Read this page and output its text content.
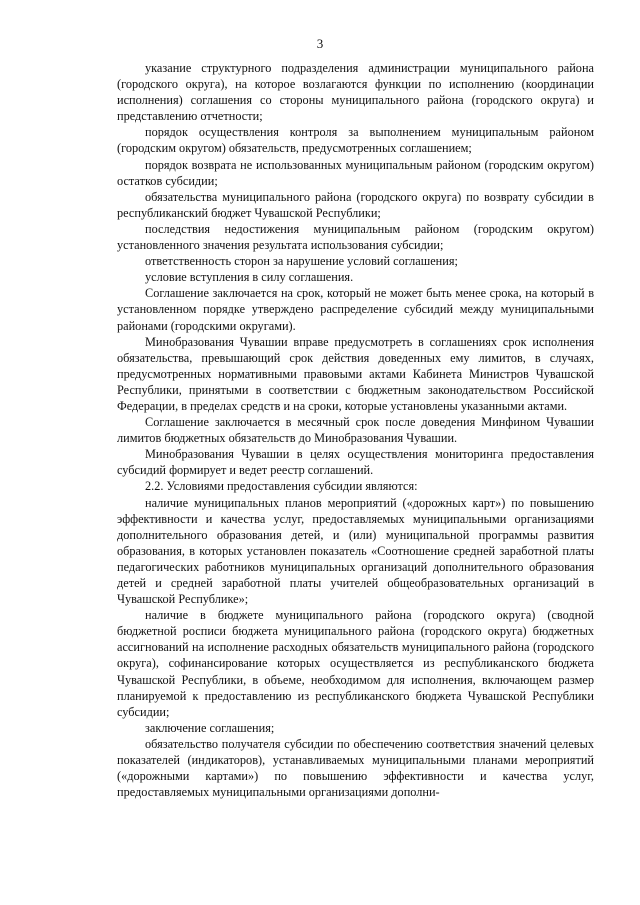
3

указание структурного подразделения администрации муниципального района (городского округа), на которое возлагаются функции по исполнению (координации исполнения) соглашения со стороны муниципального района (городского округа) и представлению отчетности;

порядок осуществления контроля за выполнением муниципальным районом (городским округом) обязательств, предусмотренных соглашением;

порядок возврата не использованных муниципальным районом (городским округом) остатков субсидии;

обязательства муниципального района (городского округа) по возврату субсидии в республиканский бюджет Чувашской Республики;

последствия недостижения муниципальным районом (городским округом) установленного значения результата использования субсидии;

ответственность сторон за нарушение условий соглашения;

условие вступления в силу соглашения.

Соглашение заключается на срок, который не может быть менее срока, на который в установленном порядке утверждено распределение субсидий между муниципальными районами (городскими округами).

Минобразования Чувашии вправе предусмотреть в соглашениях срок исполнения обязательства, превышающий срок действия доведенных ему лимитов, в случаях, предусмотренных нормативными правовыми актами Кабинета Министров Чувашской Республики, принятыми в соответствии с бюджетным законодательством Российской Федерации, в пределах средств и на сроки, которые установлены указанными актами.

Соглашение заключается в месячный срок после доведения Минфином Чувашии лимитов бюджетных обязательств до Минобразования Чувашии.

Минобразования Чувашии в целях осуществления мониторинга предоставления субсидий формирует и ведет реестр соглашений.

2.2. Условиями предоставления субсидии являются:

наличие муниципальных планов мероприятий («дорожных карт») по повышению эффективности и качества услуг, предоставляемых муниципальными организациями дополнительного образования детей, и (или) муниципальной программы развития образования, в которых установлен показатель «Соотношение средней заработной платы педагогических работников муниципальных организаций дополнительного образования детей и средней заработной платы учителей общеобразовательных организаций в Чувашской Республике»;

наличие в бюджете муниципального района (городского округа) (сводной бюджетной росписи бюджета муниципального района (городского округа) бюджетных ассигнований на исполнение расходных обязательств муниципального района (городского округа), софинансирование которых осуществляется из республиканского бюджета Чувашской Республики, в объеме, необходимом для исполнения, включающем размер планируемой к предоставлению из республиканского бюджета Чувашской Республики субсидии;

заключение соглашения;

обязательство получателя субсидии по обеспечению соответствия значений целевых показателей (индикаторов), устанавливаемых муниципальными планами мероприятий («дорожными картами») по повышению эффективности и качества услуг, предоставляемых муниципальными организациями дополни-
